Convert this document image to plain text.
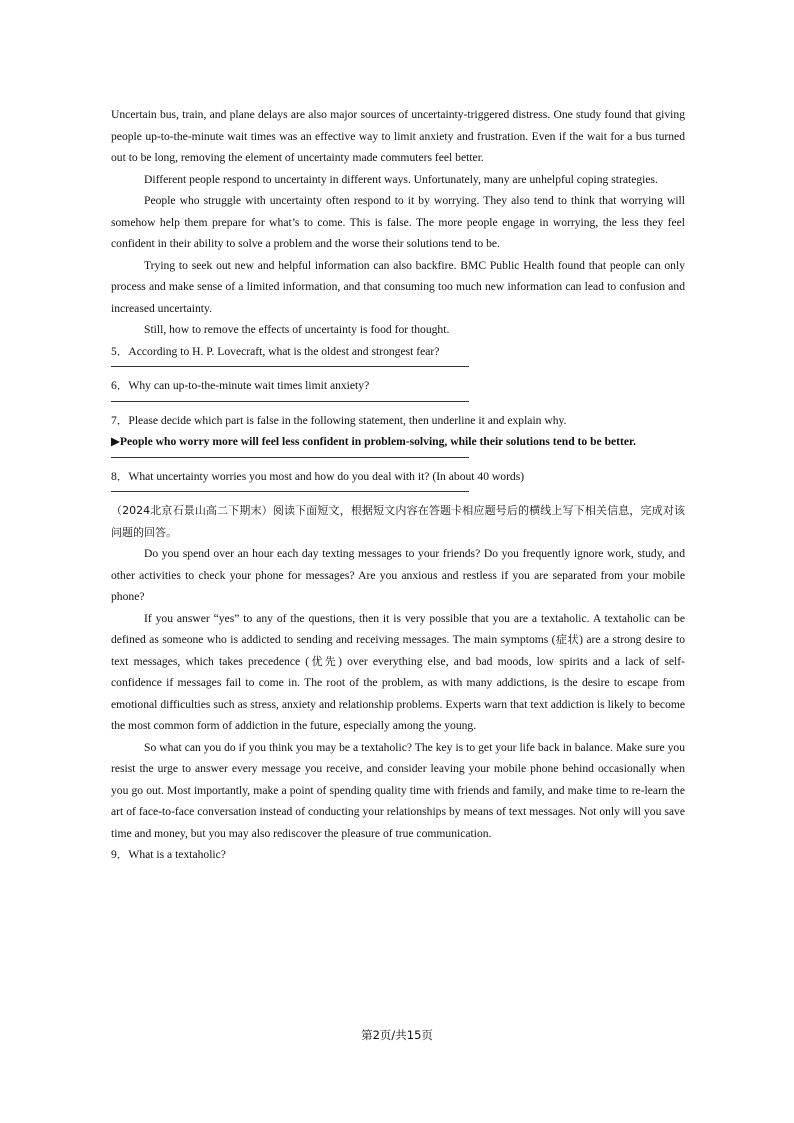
Uncertain bus, train, and plane delays are also major sources of uncertainty-triggered distress. One study found that giving people up-to-the-minute wait times was an effective way to limit anxiety and frustration. Even if the wait for a bus turned out to be long, removing the element of uncertainty made commuters feel better.

Different people respond to uncertainty in different ways. Unfortunately, many are unhelpful coping strategies.

People who struggle with uncertainty often respond to it by worrying. They also tend to think that worrying will somehow help them prepare for what’s to come. This is false. The more people engage in worrying, the less they feel confident in their ability to solve a problem and the worse their solutions tend to be.

Trying to seek out new and helpful information can also backfire. BMC Public Health found that people can only process and make sense of a limited information, and that consuming too much new information can lead to confusion and increased uncertainty.

Still, how to remove the effects of uncertainty is food for thought.

5．According to H. P. Lovecraft, what is the oldest and strongest fear?

6．Why can up-to-the-minute wait times limit anxiety?

7．Please decide which part is false in the following statement, then underline it and explain why.

▶People who worry more will feel less confident in problem-solving, while their solutions tend to be better.

8．What uncertainty worries you most and how do you deal with it? (In about 40 words)

（2024北京石景山高二下期末）阅读下面短文，根据短文内容在答题卡相应题号后的横线上写下相关信息，完成对该问题的回答。

Do you spend over an hour each day texting messages to your friends? Do you frequently ignore work, study, and other activities to check your phone for messages? Are you anxious and restless if you are separated from your mobile phone?

If you answer “yes” to any of the questions, then it is very possible that you are a textaholic. A textaholic can be defined as someone who is addicted to sending and receiving messages. The main symptoms (症状) are a strong desire to text messages, which takes precedence (优先) over everything else, and bad moods, low spirits and a lack of self-confidence if messages fail to come in. The root of the problem, as with many addictions, is the desire to escape from emotional difficulties such as stress, anxiety and relationship problems. Experts warn that text addiction is likely to become the most common form of addiction in the future, especially among the young.

So what can you do if you think you may be a textaholic? The key is to get your life back in balance. Make sure you resist the urge to answer every message you receive, and consider leaving your mobile phone behind occasionally when you go out. Most importantly, make a point of spending quality time with friends and family, and make time to re-learn the art of face-to-face conversation instead of conducting your relationships by means of text messages. Not only will you save time and money, but you may also rediscover the pleasure of true communication.

9．What is a textaholic?

第2页/共15页
